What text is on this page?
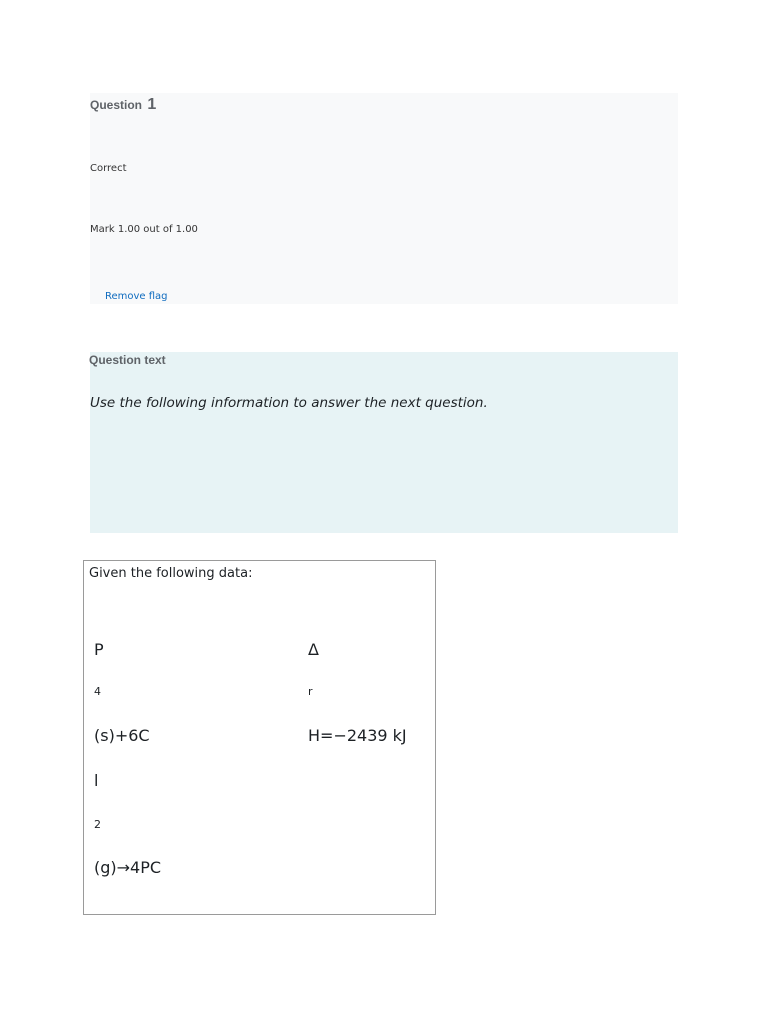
Question 1
Correct
Mark 1.00 out of 1.00
Remove flag
Use the following information to answer the next question.
Question text
Given the following data:
P
4
(s)+6C
l
2
(g)→4PC
Δ
r
H=−2439 kJ
